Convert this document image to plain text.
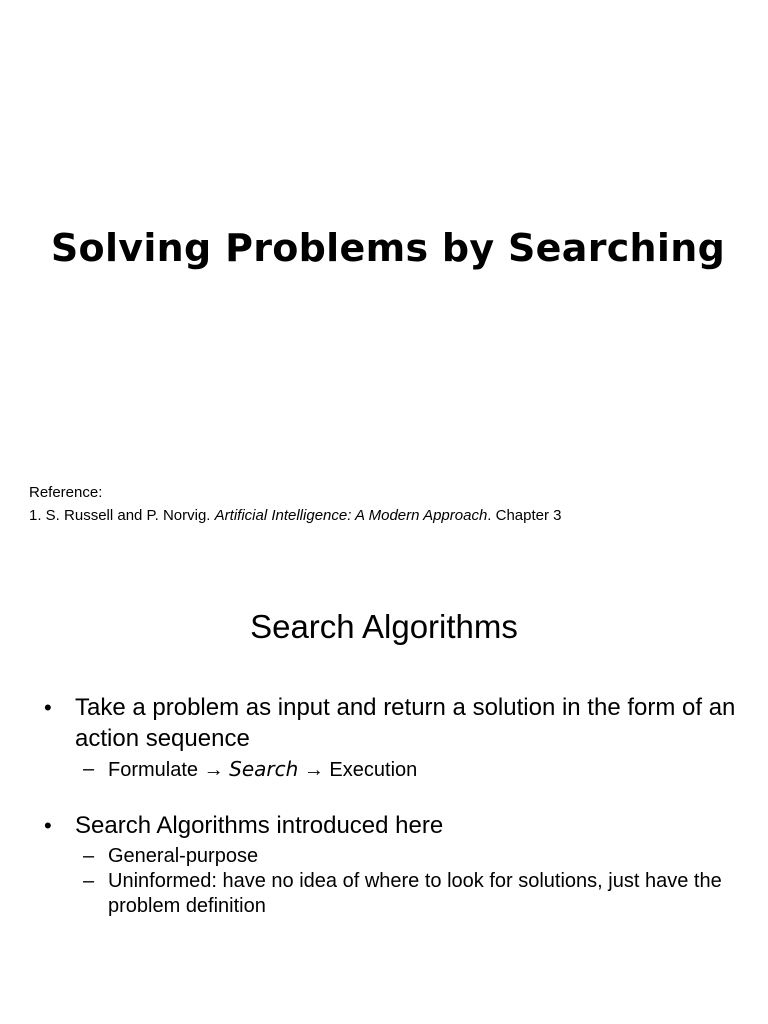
Solving Problems by Searching
Reference:
1. S. Russell and P. Norvig. Artificial Intelligence: A Modern Approach. Chapter 3
Search Algorithms
• Take a problem as input and return a solution in the form of an action sequence
– Formulate → Search → Execution
• Search Algorithms introduced here
– General-purpose
– Uninformed: have no idea of where to look for solutions, just have the problem definition
